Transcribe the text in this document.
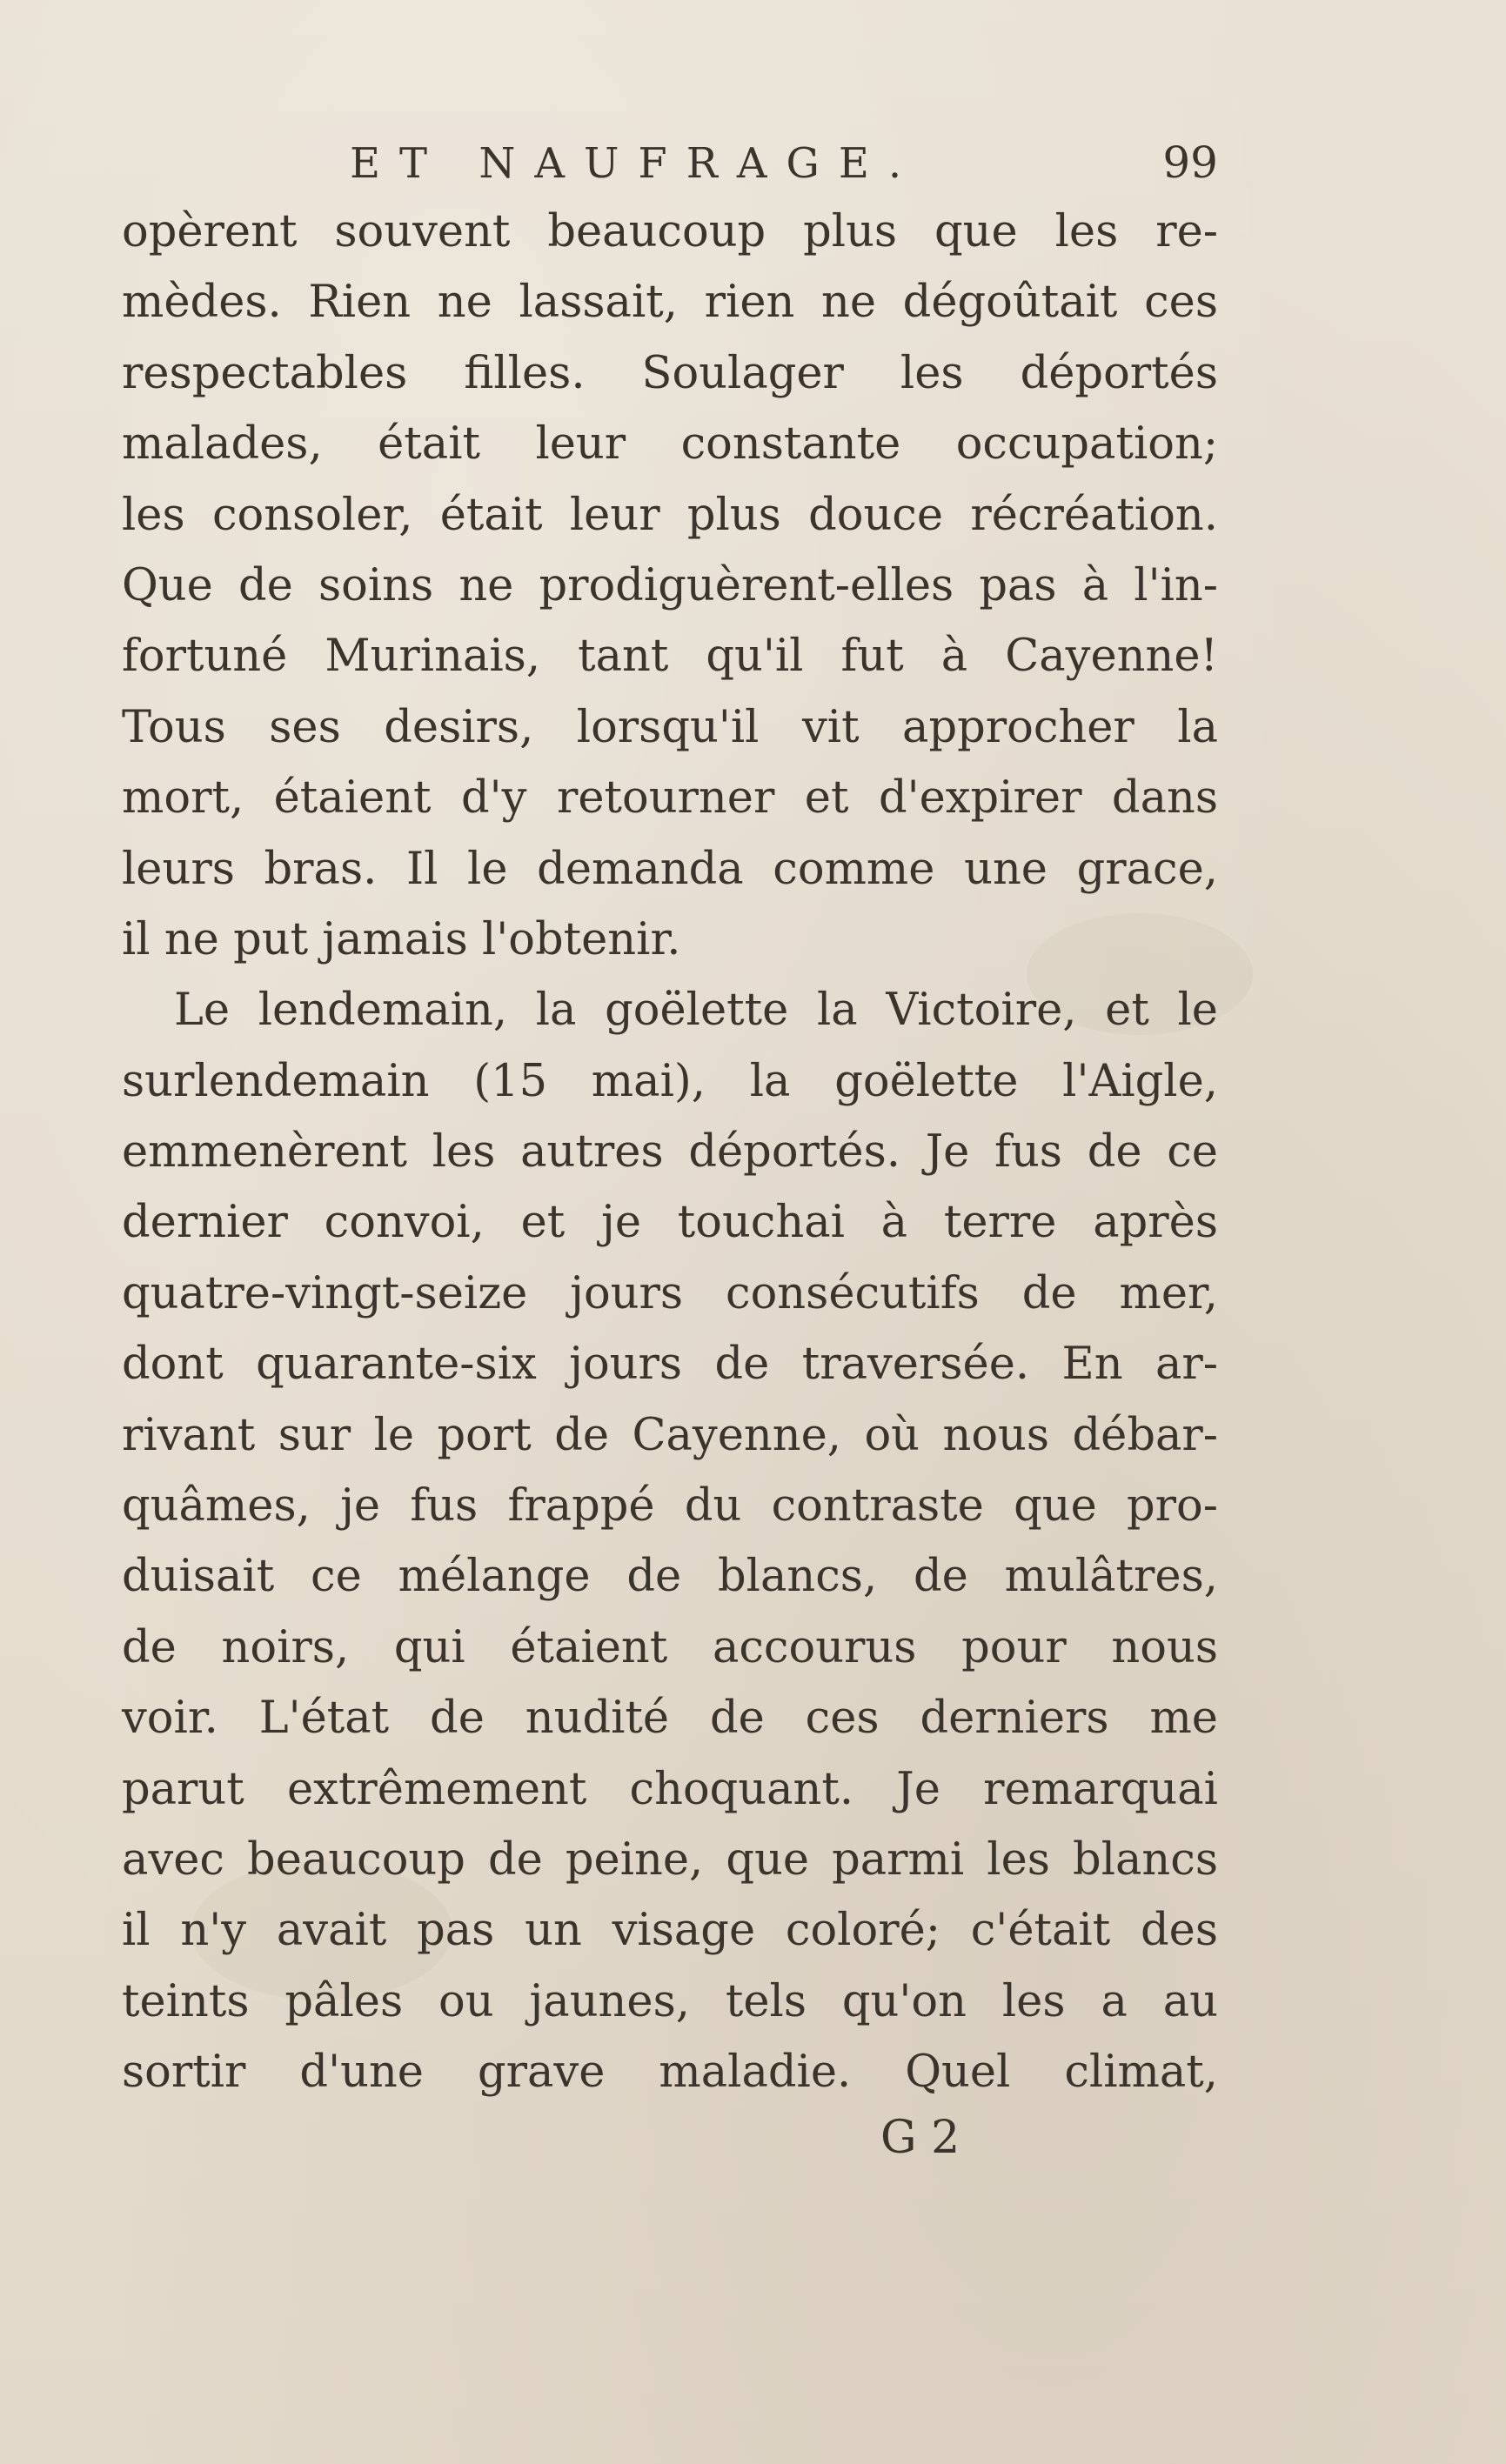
ET NAUFRAGE.	99
opèrent souvent beaucoup plus que les re-
mèdes. Rien ne lassait, rien ne dégoûtait ces
respectables filles. Soulager les déportés
malades, était leur constante occupation;
les consoler, était leur plus douce récréation.
Que de soins ne prodiguèrent-elles pas à l'in-
fortuné Murinais, tant qu'il fut à Cayenne!
Tous ses desirs, lorsqu'il vit approcher la
mort, étaient d'y retourner et d'expirer dans
leurs bras. Il le demanda comme une grace,
il ne put jamais l'obtenir.
Le lendemain, la goëlette la Victoire, et le
surlendemain (15 mai), la goëlette l'Aigle,
emmenèrent les autres déportés. Je fus de ce
dernier convoi, et je touchai à terre après
quatre-vingt-seize jours consécutifs de mer,
dont quarante-six jours de traversée. En ar-
rivant sur le port de Cayenne, où nous débar-
quâmes, je fus frappé du contraste que pro-
duisait ce mélange de blancs, de mulâtres,
de noirs, qui étaient accourus pour nous
voir. L'état de nudité de ces derniers me
parut extrêmement choquant. Je remarquai
avec beaucoup de peine, que parmi les blancs
il n'y avait pas un visage coloré; c'était des
teints pâles ou jaunes, tels qu'on les a au
sortir d'une grave maladie. Quel climat,
G 2
